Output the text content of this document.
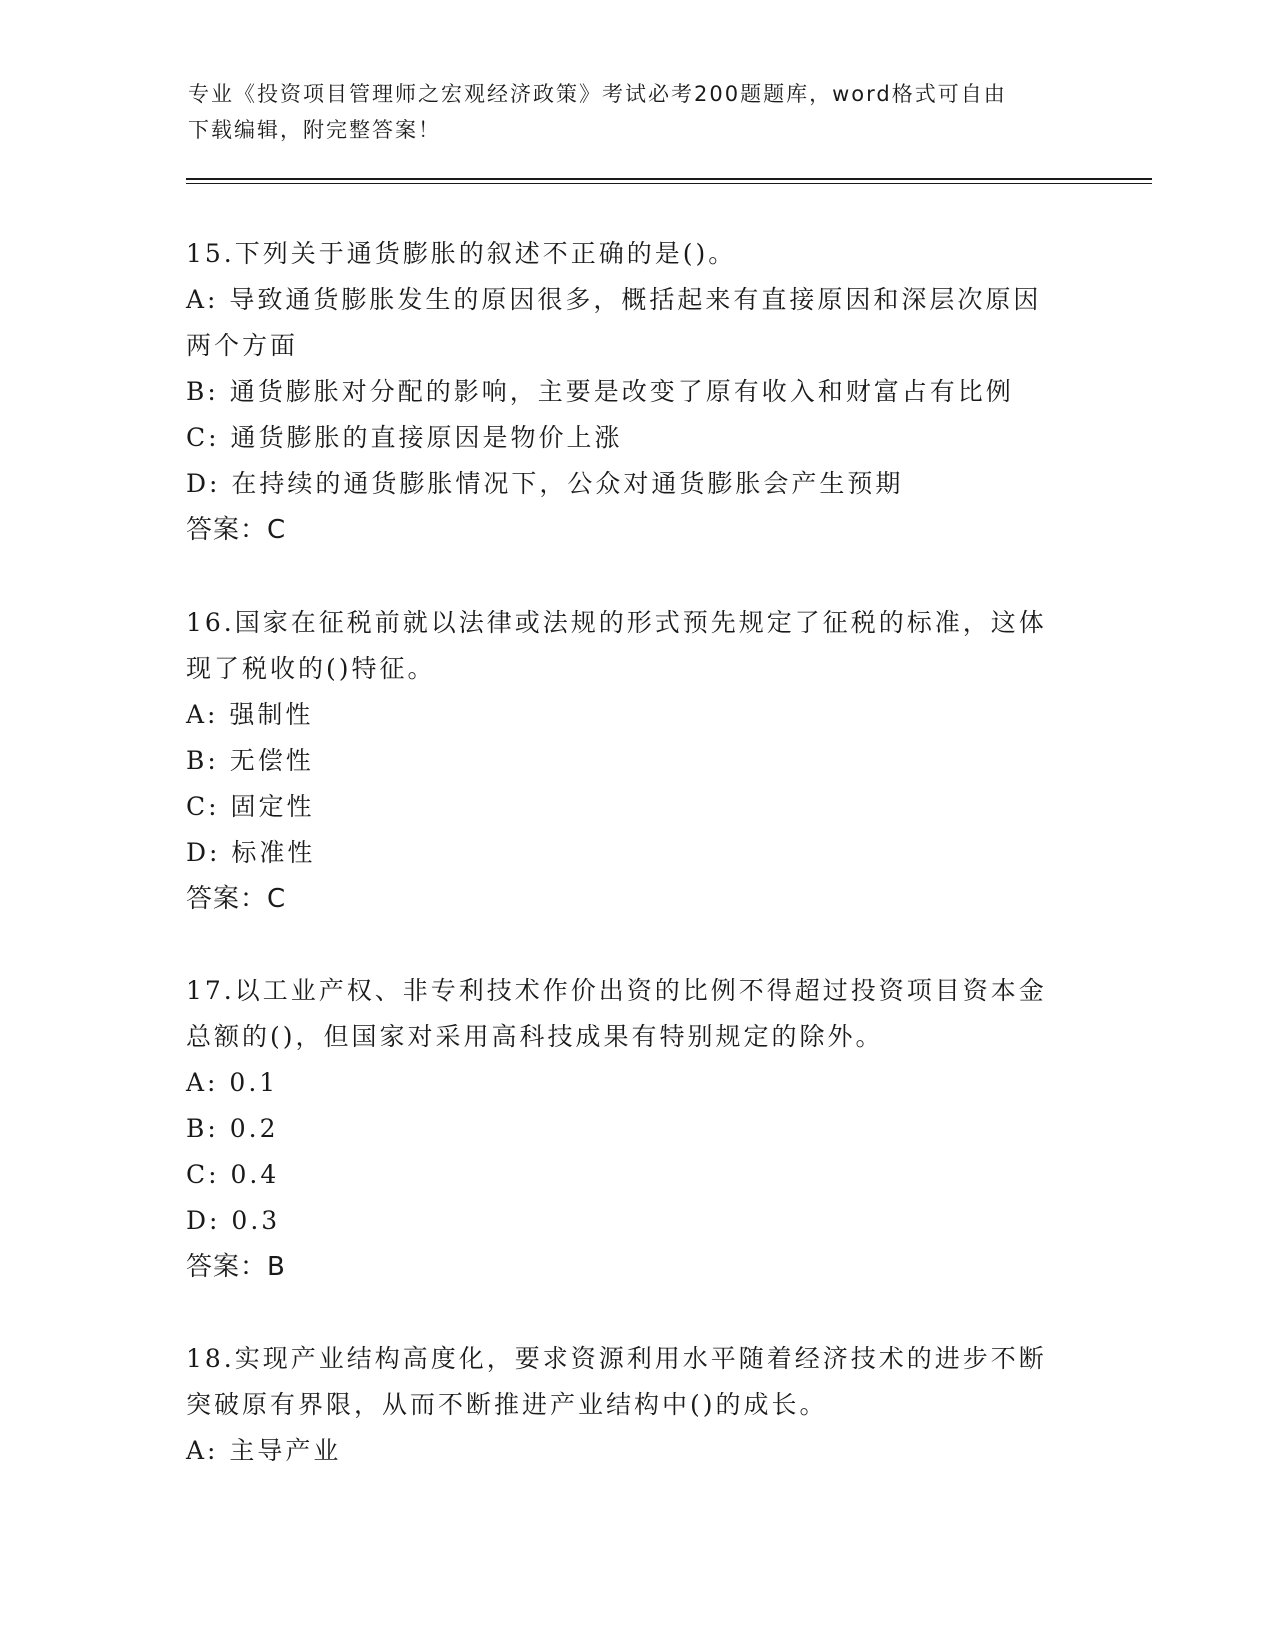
专业《投资项目管理师之宏观经济政策》考试必考200题题库，word格式可自由
下载编辑，附完整答案！
15.下列关于通货膨胀的叙述不正确的是()。
A: 导致通货膨胀发生的原因很多，概括起来有直接原因和深层次原因
两个方面
B: 通货膨胀对分配的影响，主要是改变了原有收入和财富占有比例
C: 通货膨胀的直接原因是物价上涨
D: 在持续的通货膨胀情况下，公众对通货膨胀会产生预期
答案：C
16.国家在征税前就以法律或法规的形式预先规定了征税的标准，这体
现了税收的()特征。
A: 强制性
B: 无偿性
C: 固定性
D: 标准性
答案：C
17.以工业产权、非专利技术作价出资的比例不得超过投资项目资本金
总额的()，但国家对采用高科技成果有特别规定的除外。
A: 0.1
B: 0.2
C: 0.4
D: 0.3
答案：B
18.实现产业结构高度化，要求资源利用水平随着经济技术的进步不断
突破原有界限，从而不断推进产业结构中()的成长。
A: 主导产业
